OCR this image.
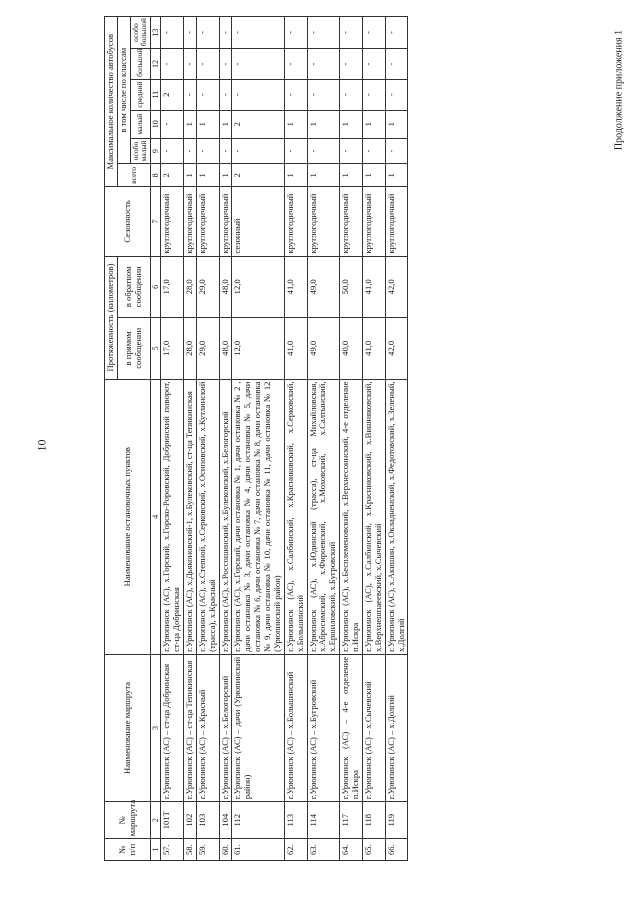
10
Продолжение приложения 1
№ п/п	№ маршрута	Наименование маршрута	Наименование остановочных пунктов	Протяженность (километров)		Сезонность	Максимальное количество автобусов					
				в прямом сообщении	в обратном сообщении		всего	в том числе по классам				
								особо малый	малый	средний	большой	особо большой
1	2	3	4	5	6	7	8	9	10	11	12	13
57.	101Т	г.Урюпинск (АС) – ст-ца Добринская	г.Урюпинск (АС), х.Горский, х.Горско-Popовский, Добринский поворот, ст-ца Добринская	17,0	17,0	круглогодичный	2	-	-	2	-	-
58.	102	г.Урюпинск (АС) – ст-ца Тепикинская	г.Урюпинск (АС), х.Дьяконовский-1, х.Булековский, ст-ца Тепикинская	28,0	28,0	круглогодичный	1	-	1	-	-	-
59.	103	г.Урюпинск (АС) – х.Красный	г.Урюпинск (АС), х.Степной, х.Серковский, х.Осиповский, х.Кутлинский (трасса), х.Красный	29,0	29,0	круглогодичный	1	-	1	-	-	-
60.	104	г.Урюпинск (АС) – х.Белогорский	г.Урюпинск (АС), х.Россошинский, х.Булековский, х.Белогорский	48,0	48,0	круглогодичный	1	-	1	-	-	-
61.	112	г.Урюпинск (АС) – дачи (Урюпинский район)	г.Урюпинск (АС), х.Горский, дачи остановка № 1, дачи остановка № 2 , дачи остановка № 3, дачи остановка № 4, дачи остановка № 5, дачи остановка № 6, дачи остановка № 7, дачи остановка № 8, дачи остановка № 9, дачи остановка № 10, дачи остановка № 11, дачи остановка № 12 (Урюпинский район)	12,0	12,0	сезонный	2	-	2	-	-	-
62.	113	г.Урюпинск (АС) – х.Большинский	г.Урюпинск (АС), х.Салбинский, х.Красниковский, х.Серковский, х.Большинский	41,0	41,0	круглогодичный	1	-	1	-	-	-
63.	114	г.Урюпинск (АС) – х.Бугровский	г.Урюпинск (АС), х.Юдинский (трасса), ст-ца Михайловская, х.Абросимский, х.Фироевский, х.Моховский, х.Салтынский, х.Ершиловский, х.Бугровский	49,0	49,0	круглогодичный	1	-	1	-	-	-
64.	117	г.Урюпинск (АС) – 4-е отделение п.Искра	г.Урюпинск (АС), х.Бесплеменовский, х.Верхнесоинский, 4-е отделение п.Искра	40,0	50,0	круглогодичный	1	-	1	-	-	-
65.	118	г.Урюпинск (АС) – х.Сычевский	г.Урюпинск (АС), х.Салбинский, х.Красниковский, х.Вишняковский, х.Верхнешпаеевский, х.Сычевский	41,0	41,0	круглогодичный	1	-	1	-	-	-
66.	119	г.Урюпинск (АС) – х.Долгий	г.Урюпинск (АС), х.Акишин, х.Окладненский, х.Федотовский, х.Зеленый, х.Долгий	42,0	42,0	круглогодичный	1	-	1	-	-	-
